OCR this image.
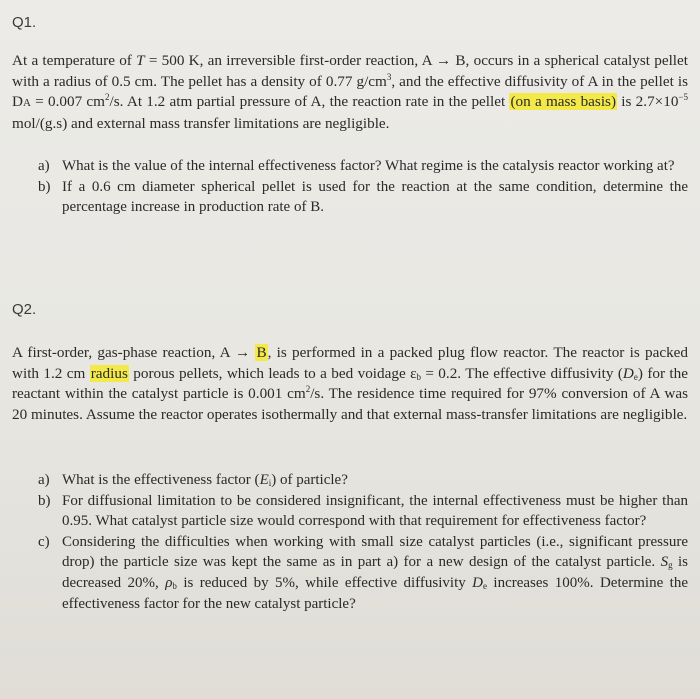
Q1.
At a temperature of T = 500 K, an irreversible first-order reaction, A → B, occurs in a spherical catalyst pellet with a radius of 0.5 cm. The pellet has a density of 0.77 $g/cm^3$, and the effective diffusivity of A in the pellet is DA = 0.007 $cm^2/s$. At 1.2 atm partial pressure of A, the reaction rate in the pellet (on a mass basis) is $2.7\times 10^{-5}$ mol/(g.s) and external mass transfer limitations are negligible.
a) What is the value of the internal effectiveness factor? What regime is the catalysis reactor working at?
b) If a 0.6 cm diameter spherical pellet is used for the reaction at the same condition, determine the percentage increase in production rate of B.
Q2.
A first-order, gas-phase reaction, A → B, is performed in a packed plug flow reactor. The reactor is packed with 1.2 cm radius porous pellets, which leads to a bed voidage $\varepsilon_b = 0.2$. The effective diffusivity $(D_e)$ for the reactant within the catalyst particle is 0.001 $cm^2/s$. The residence time required for 97% conversion of A was 20 minutes. Assume the reactor operates isothermally and that external mass-transfer limitations are negligible.
a) What is the effectiveness factor $(E_i)$ of particle?
b) For diffusional limitation to be considered insignificant, the internal effectiveness must be higher than 0.95. What catalyst particle size would correspond with that requirement for effectiveness factor?
c) Considering the difficulties when working with small size catalyst particles (i.e., significant pressure drop) the particle size was kept the same as in part a) for a new design of the catalyst particle. $S_g$ is decreased 20%, $\rho_b$ is reduced by 5%, while effective diffusivity $D_e$ increases 100%. Determine the effectiveness factor for the new catalyst particle?
